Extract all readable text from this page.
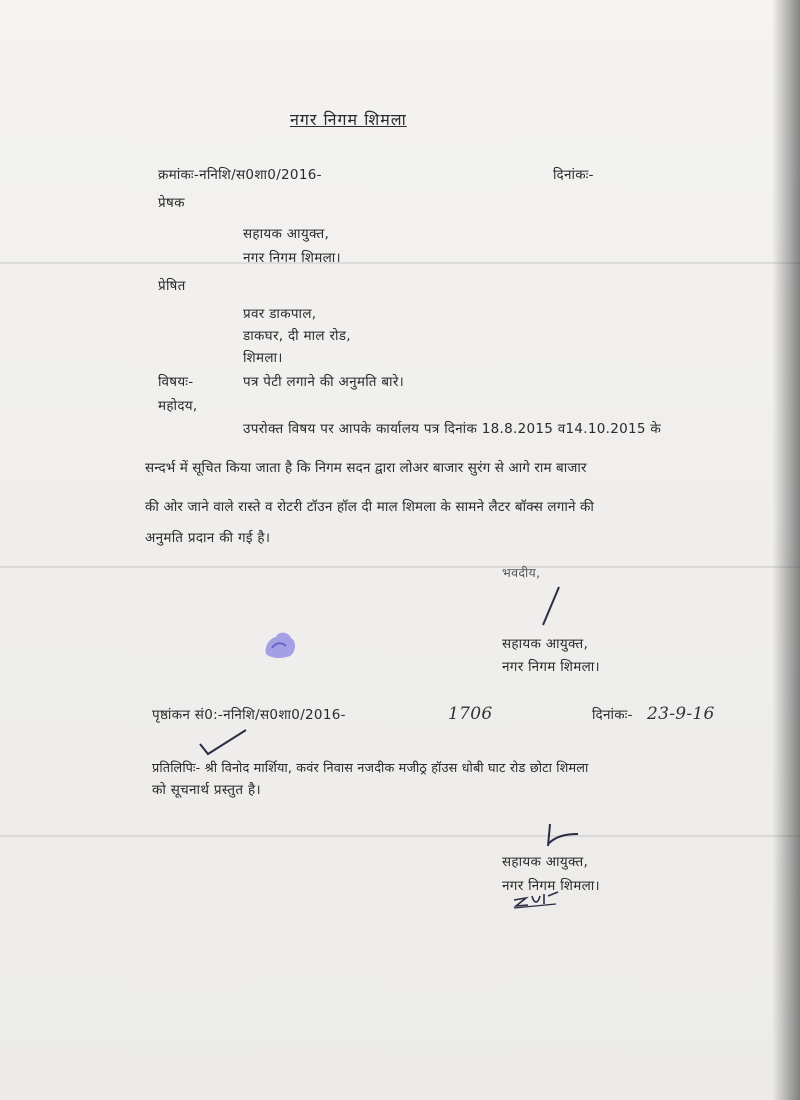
नगर निगम शिमला
क्रमांकः-ननिशि/स0शा0/2016-	दिनांकः-
प्रेषक
सहायक आयुक्त,
नगर निगम शिमला।
प्रेषित
प्रवर डाकपाल,
डाकघर, दी माल रोड,
शिमला।
विषयः-	पत्र पेटी लगाने की अनुमति बारे।
महोदय,
उपरोक्त विषय पर आपके कार्यालय पत्र दिनांक 18.8.2015 व14.10.2015 के
सन्दर्भ में सूचित किया जाता है कि निगम सदन द्वारा लोअर बाजार सुरंग से आगे राम बाजार
की ओर जाने वाले रास्ते व रोटरी टॉउन हॉल दी माल शिमला के सामने लैटर बॉक्स लगाने की
अनुमति प्रदान की गई है।
भवदीय,
सहायक आयुक्त,
नगर निगम शिमला।
पृष्ठांकन सं0:-ननिशि/स0शा0/2016-	1706	दिनांकः- 23-9-16
प्रतिलिपिः- श्री विनोद मार्शिया, कवंर निवास नजदीक मजीठ्र हॉउस धोबी घाट रोड छोटा शिमला
को सूचनार्थ प्रस्तुत है।
सहायक आयुक्त,
नगर निगम शिमला।
